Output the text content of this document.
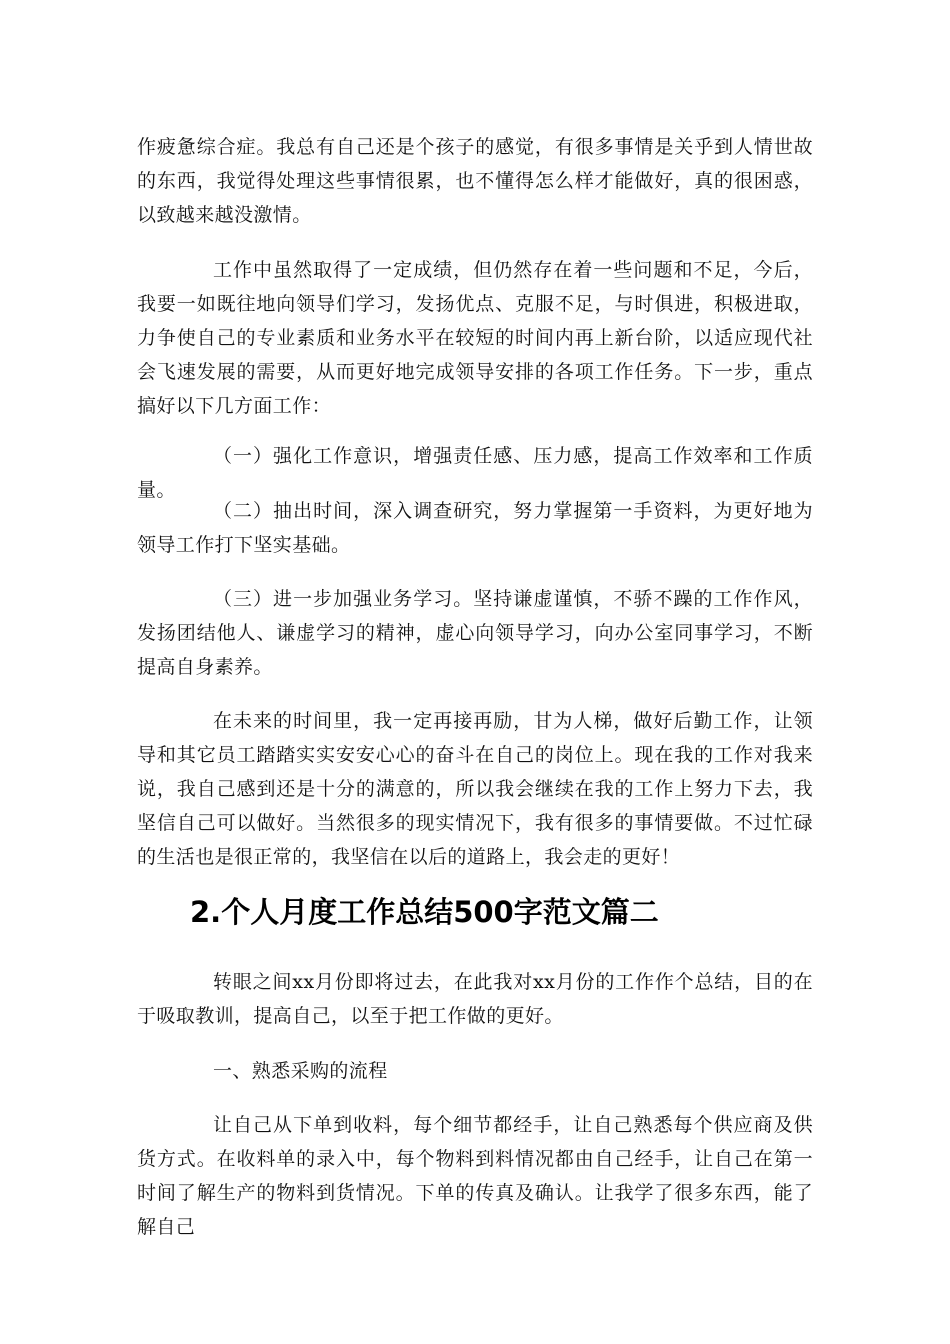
作疲惫综合症。我总有自己还是个孩子的感觉，有很多事情是关乎到人情世故的东西，我觉得处理这些事情很累，也不懂得怎么样才能做好，真的很困惑，以致越来越没激情。

工作中虽然取得了一定成绩，但仍然存在着一些问题和不足，今后，我要一如既往地向领导们学习，发扬优点、克服不足，与时俱进，积极进取，力争使自己的专业素质和业务水平在较短的时间内再上新台阶，以适应现代社会飞速发展的需要，从而更好地完成领导安排的各项工作任务。下一步，重点搞好以下几方面工作：

（一）强化工作意识，增强责任感、压力感，提高工作效率和工作质量。

（二）抽出时间，深入调查研究，努力掌握第一手资料，为更好地为领导工作打下坚实基础。

（三）进一步加强业务学习。坚持谦虚谨慎，不骄不躁的工作作风，发扬团结他人、谦虚学习的精神，虚心向领导学习，向办公室同事学习，不断提高自身素养。

在未来的时间里，我一定再接再励，甘为人梯，做好后勤工作，让领导和其它员工踏踏实实安安心心的奋斗在自己的岗位上。现在我的工作对我来说，我自己感到还是十分的满意的，所以我会继续在我的工作上努力下去，我坚信自己可以做好。当然很多的现实情况下，我有很多的事情要做。不过忙碌的生活也是很正常的，我坚信在以后的道路上，我会走的更好！

2.个人月度工作总结500字范文篇二

转眼之间xx月份即将过去，在此我对xx月份的工作作个总结，目的在于吸取教训，提高自己，以至于把工作做的更好。

一、熟悉采购的流程

让自己从下单到收料，每个细节都经手，让自己熟悉每个供应商及供货方式。在收料单的录入中，每个物料到料情况都由自己经手，让自己在第一时间了解生产的物料到货情况。下单的传真及确认。让我学了很多东西，能了解自己
